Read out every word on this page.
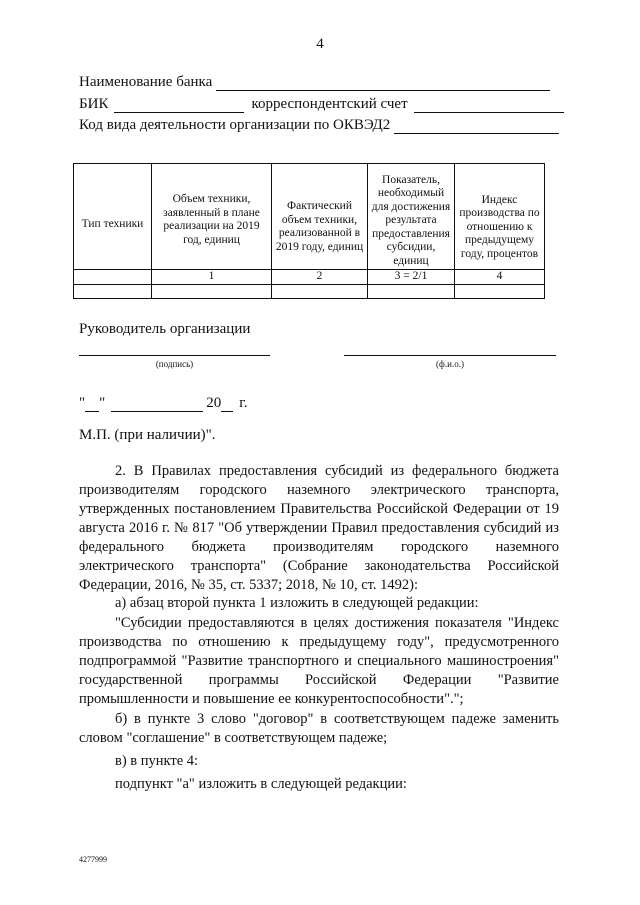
4
Наименование банка
БИК	корреспондентский счет
Код вида деятельности организации по ОКВЭД2
Тип техники	Объем техники, заявленный в плане реализации на 2019 год, единиц	Фактический объем техники, реализованной в 2019 году, единиц	Показатель, необходимый для достижения результата предоставления субсидии, единиц	Индекс производства по отношению к предыдущему году, процентов
	1	2	3 = 2/1	4

Руководитель организации
(подпись)	(ф.и.о.)
" "	20 г.
М.П. (при наличии)".
2. В Правилах предоставления субсидий из федерального бюджета производителям городского наземного электрического транспорта, утвержденных постановлением Правительства Российской Федерации от 19 августа 2016 г. № 817 "Об утверждении Правил предоставления субсидий из федерального бюджета производителям городского наземного электрического транспорта" (Собрание законодательства Российской Федерации, 2016, № 35, ст. 5337; 2018, № 10, ст. 1492):
а) абзац второй пункта 1 изложить в следующей редакции:
"Субсидии предоставляются в целях достижения показателя "Индекс производства по отношению к предыдущему году", предусмотренного подпрограммой "Развитие транспортного и специального машиностроения" государственной программы Российской Федерации "Развитие промышленности и повышение ее конкурентоспособности".";
б) в пункте 3 слово "договор" в соответствующем падеже заменить словом "соглашение" в соответствующем падеже;
в) в пункте 4:
подпункт "а" изложить в следующей редакции:
4277999
